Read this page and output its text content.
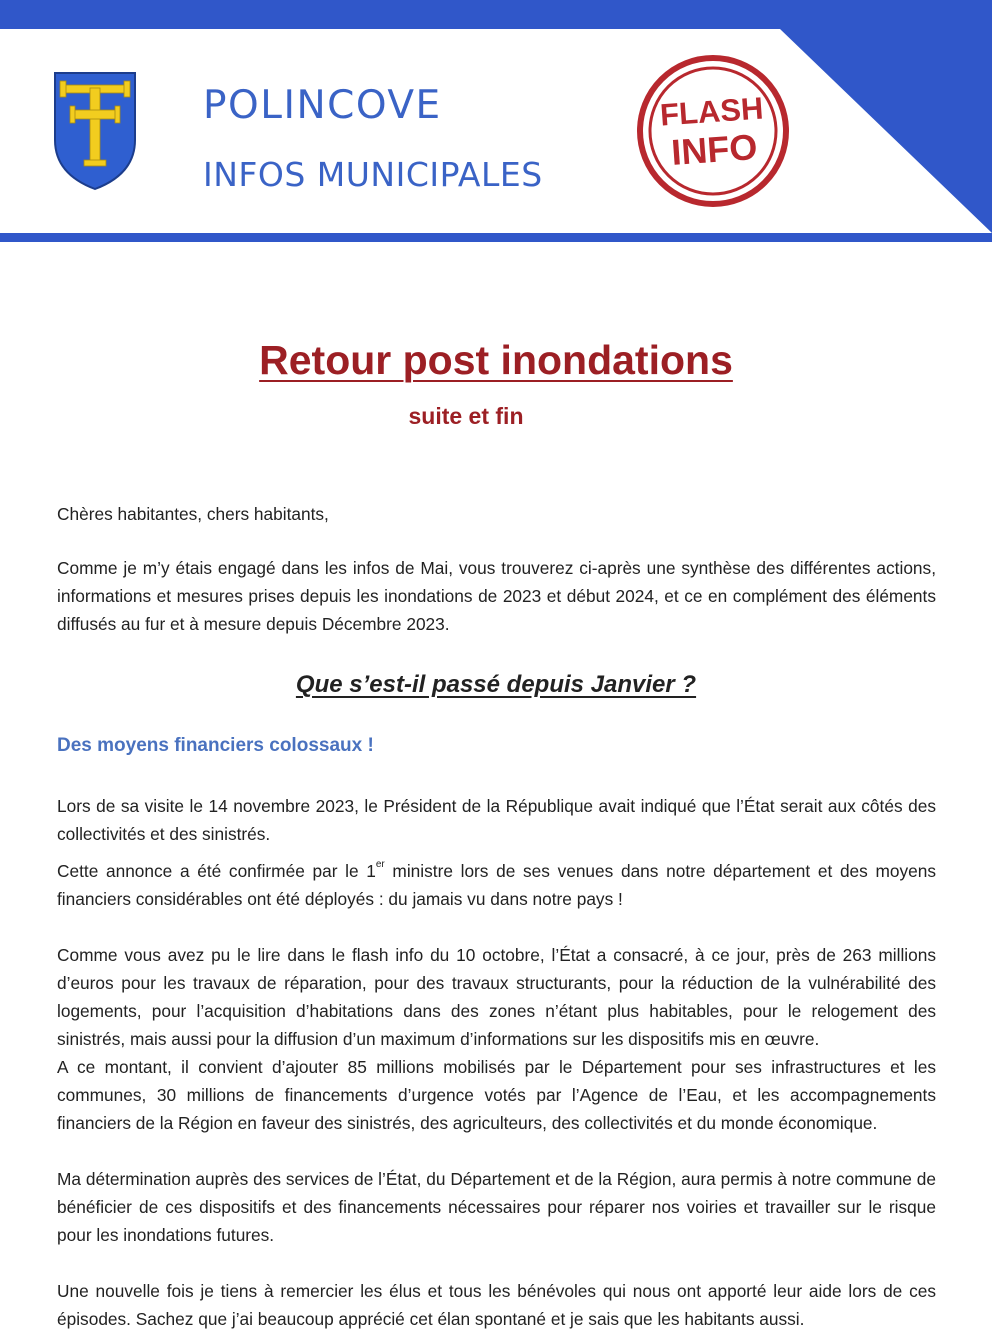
POLINCOVE
INFOS MUNICIPALES
FLASH
INFO
Retour post inondations
suite et fin
Chères habitantes, chers habitants,
Comme je m’y étais engagé dans les infos de Mai, vous trouverez ci-après une synthèse des différentes actions, informations et mesures prises depuis les inondations de 2023 et début 2024, et ce en complément des éléments diffusés au fur et à mesure depuis Décembre 2023.
Que s’est-il passé depuis Janvier ?
Des moyens financiers colossaux !
Lors de sa visite le 14 novembre 2023, le Président de la République avait indiqué que l’État serait aux côtés des collectivités et des sinistrés.
Cette annonce a été confirmée par le 1er ministre lors de ses venues dans notre département et des moyens financiers considérables ont été déployés : du jamais vu dans notre pays !
Comme vous avez pu le lire dans le flash info du 10 octobre, l’État a consacré, à ce jour, près de 263 millions d’euros pour les travaux de réparation, pour des travaux structurants, pour la réduction de la vulnérabilité des logements, pour l’acquisition d’habitations dans des zones n’étant plus habitables, pour le relogement des sinistrés, mais aussi pour la diffusion d’un maximum d’informations sur les dispositifs mis en œuvre.
A ce montant, il convient d’ajouter 85 millions mobilisés par le Département pour ses infrastructures et les communes, 30 millions de financements d’urgence votés par l’Agence de l’Eau, et les accompagnements financiers de la Région en faveur des sinistrés, des agriculteurs, des collectivités et du monde économique.
Ma détermination auprès des services de l’État, du Département et de la Région, aura permis à notre commune de bénéficier de ces dispositifs et des financements nécessaires pour réparer nos voiries et travailler sur le risque pour les inondations futures.
Une nouvelle fois je tiens à remercier les élus et tous les bénévoles qui nous ont apporté leur aide lors de ces épisodes. Sachez que j’ai beaucoup apprécié cet élan spontané et je sais que les habitants aussi.
